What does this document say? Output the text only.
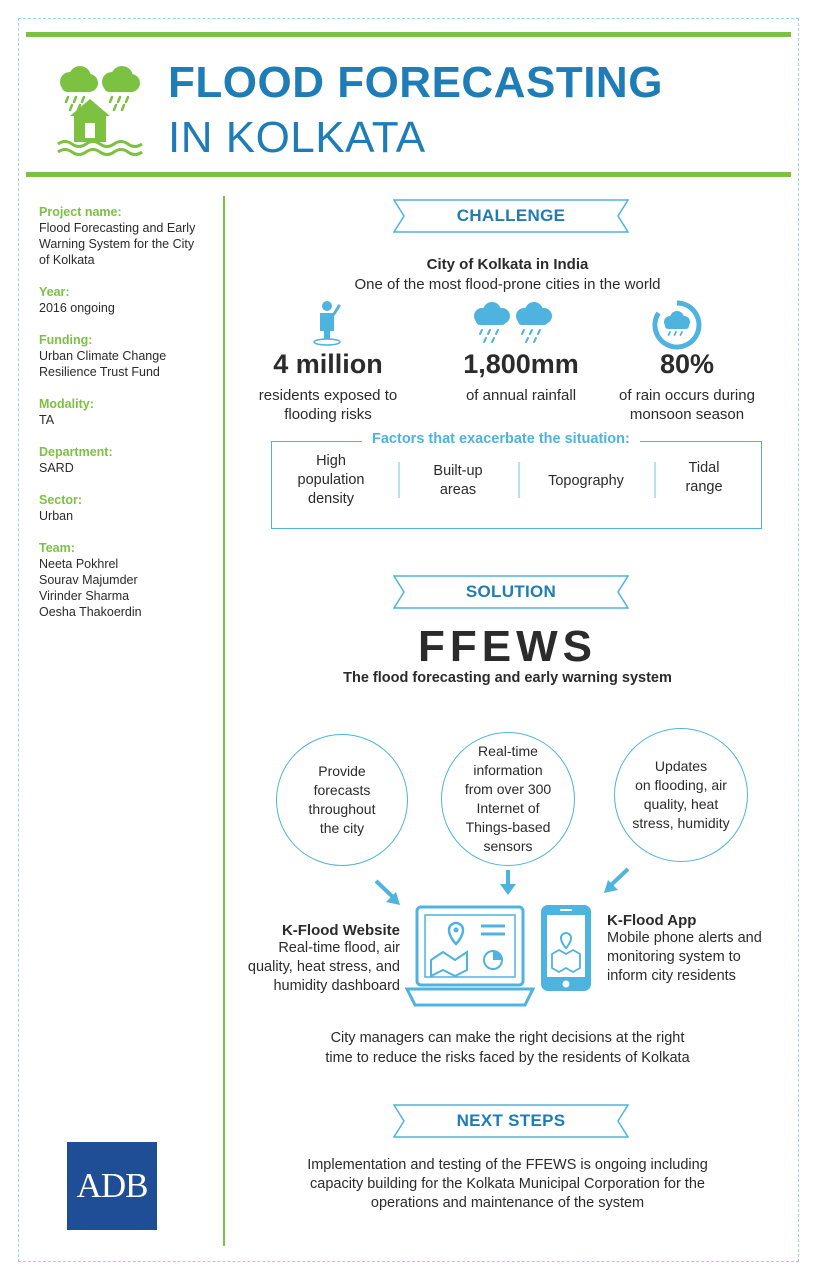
FLOOD FORECASTING
IN KOLKATA
Project name:
Flood Forecasting and Early
Warning System for the City
of Kolkata
Year:
2016 ongoing
Funding:
Urban Climate Change
Resilience Trust Fund
Modality:
TA
Department:
SARD
Sector:
Urban
Team:
Neeta Pokhrel
Sourav Majumder
Virinder Sharma
Oesha Thakoerdin
CHALLENGE
City of Kolkata in India
One of the most flood-prone cities in the world
4 million
residents exposed to
flooding risks
1,800mm
of annual rainfall
80%
of rain occurs during
monsoon season
Factors that exacerbate the situation:
High
population
density
Built-up
areas
Topography
Tidal
range
SOLUTION
FFEWS
The flood forecasting and early warning system
Provide
forecasts
throughout
the city
Real-time
information
from over 300
Internet of
Things-based
sensors
Updates
on flooding, air
quality, heat
stress, humidity
K-Flood Website
Real-time flood, air
quality, heat stress, and
humidity dashboard
K-Flood App
Mobile phone alerts and
monitoring system to
inform city residents
City managers can make the right decisions at the right
time to reduce the risks faced by the residents of Kolkata
NEXT STEPS
Implementation and testing of the FFEWS is ongoing including
capacity building for the Kolkata Municipal Corporation for the
operations and maintenance of the system
ADB
